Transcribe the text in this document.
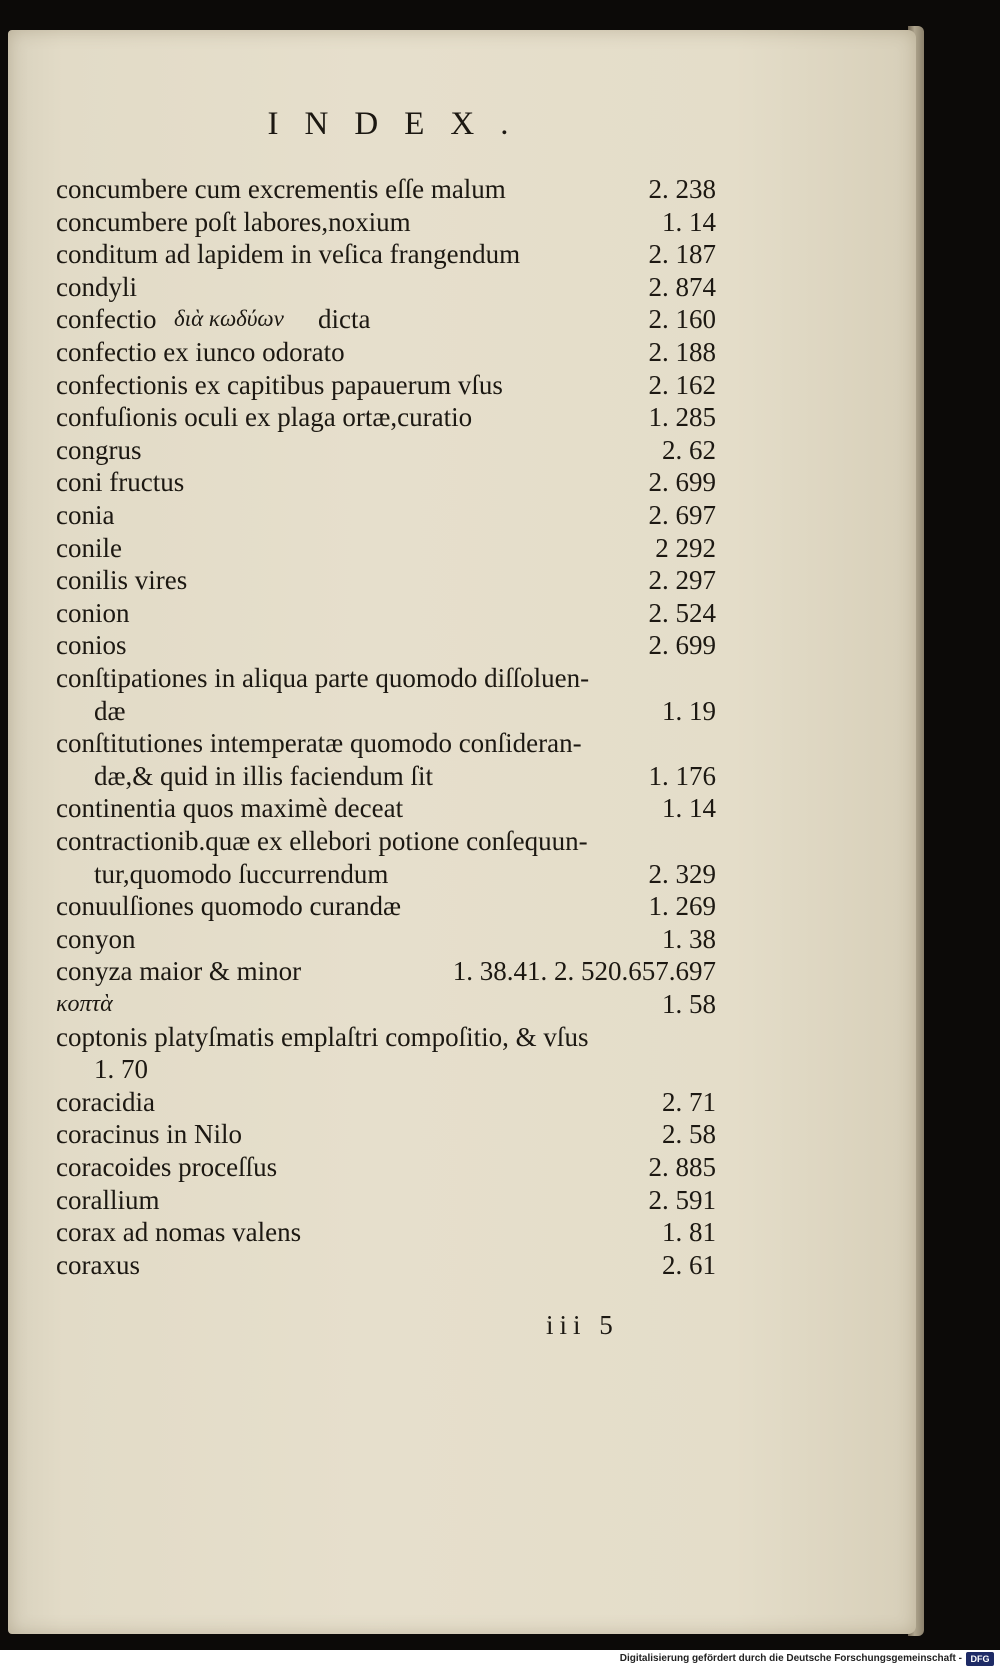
INDEX.
concumbere cum excrementis eſſe malum	2. 238
concumbere poſt labores,noxium	1. 14
conditum ad lapidem in veſica frangendum	2. 187
condyli	2. 874
confectio διὰ κωδύων dicta	2. 160
confectio ex iunco odorato	2. 188
confectionis ex capitibus papauerum vſus	2. 162
confuſionis oculi ex plaga ortæ,curatio	1. 285
congrus	2. 62
coni fructus	2. 699
conia	2. 697
conile	2 292
conilis vires	2. 297
conion	2. 524
conios	2. 699
conſtipationes in aliqua parte quomodo diſſoluen-
dæ	1. 19
conſtitutiones intemperatæ quomodo conſideran-
dæ,& quid in illis faciendum ſit	1. 176
continentia quos maximè deceat	1. 14
contractionib.quæ ex ellebori potione conſequun-
tur,quomodo ſuccurrendum	2. 329
conuulſiones quomodo curandæ	1. 269
conyon	1. 38
conyza maior & minor	1. 38.41. 2. 520.657.697
κοπτὰ	1. 58
coptonis platyſmatis emplaſtri compoſitio, & vſus
1. 70
coracidia	2. 71
coracinus in Nilo	2. 58
coracoides proceſſus	2. 885
corallium	2. 591
corax ad nomas valens	1. 81
coraxus	2. 61
iii 5
Digitalisierung gefördert durch die Deutsche Forschungsgemeinschaft - DFG
